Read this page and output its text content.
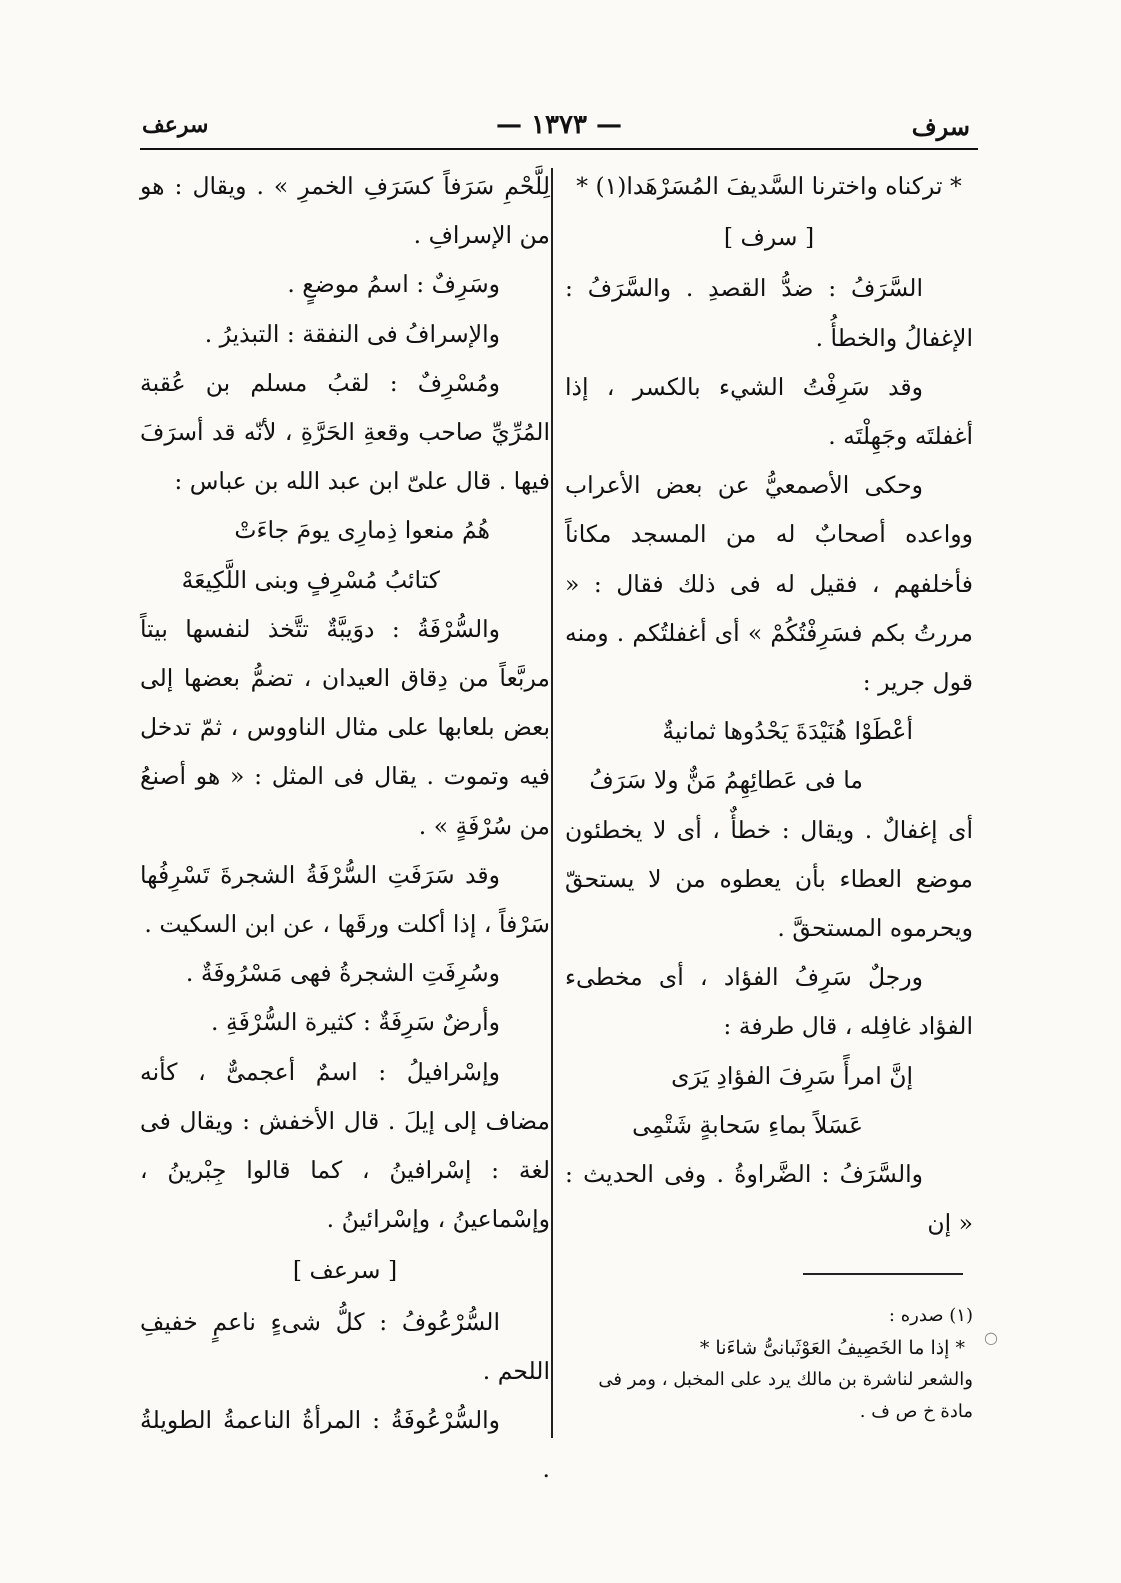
سرف
— ١٣٧٣ —
سرعف

* تركناه واخترنا السَّديفَ المُسَرْهَدا(١) *

[ سرف ]

السَّرَفُ : ضدُّ القصدِ . والسَّرَفُ : الإغفالُ والخطأُ .

وقد سَرِفْتُ الشيء بالكسر ، إذا أغفلتَه وجَهِلْتَه .

وحكى الأصمعيُّ عن بعض الأعراب وواعده أصحابٌ له من المسجد مكاناً فأخلفهم ، فقيل له فى ذلك فقال : « مررتُ بكم فسَرِفْتُكُمْ » أى أغفلتُكم . ومنه قول جرير :

أعْطَوْا هُنَيْدَةَ يَحْدُوها ثمانيةٌ

ما فى عَطائِهِمُ مَنٌّ ولا سَرَفُ

أى إغفالٌ . ويقال : خطأٌ ، أى لا يخطئون موضع العطاء بأن يعطوه من لا يستحقّ ويحرموه المستحقَّ .

ورجلٌ سَرِفُ الفؤاد ، أى مخطىء الفؤاد غافِله ، قال طرفة :

إنَّ امرأً سَرِفَ الفؤادِ يَرَى

عَسَلاً بماءِ سَحابةٍ شَتْمِى

والسَّرَفُ : الضَّراوةُ . وفى الحديث : « إن

لِلَّحْمِ سَرَفاً كسَرَفِ الخمرِ » . ويقال : هو من الإسرافِ .

وسَرِفٌ : اسمُ موضعٍ .

والإسرافُ فى النفقة : التبذيرُ .

ومُسْرِفٌ : لقبُ مسلم بن عُقبة المُرِّيِّ صاحب وقعةِ الحَرَّةِ ، لأنّه قد أسرَفَ فيها . قال علىّ ابن عبد الله بن عباس :

هُمُ منعوا ذِمارِى يومَ جاءَتْ

كتائبُ مُسْرِفٍ وبنى اللَّكِيعَهْ

والسُّرْفَةُ : دوَيبَّةٌ تتَّخذ لنفسها بيتاً مربَّعاً من دِقاق العيدان ، تضمُّ بعضها إلى بعض بلعابها على مثال الناووس ، ثمّ تدخل فيه وتموت . يقال فى المثل : « هو أصنعُ من سُرْفَةٍ » .

وقد سَرَفَتِ السُّرْفَةُ الشجرةَ تَسْرِفُها سَرْفاً ، إذا أكلت ورقَها ، عن ابن السكيت .

وسُرِفَتِ الشجرةُ فهى مَسْرُوفَةٌ .

وأرضٌ سَرِفَةٌ : كثيرة السُّرْفَةِ .

وإسْرافيلُ : اسمٌ أعجمىٌّ ، كأنه مضاف إلى إيلَ . قال الأخفش : ويقال فى لغة : إسْرافينُ ، كما قالوا جِبْرينُ ، وإسْماعينُ ، وإسْرائينُ .

[ سرعف ]

السُّرْعُوفُ : كلُّ شىءٍ ناعمٍ خفيفِ اللحم .

والسُّرْعُوفَةُ : المرأةُ الناعمةُ الطويلةُ .

(١) صدره :

* إذا ما الخَصِيفُ العَوْثَبانىُّ شاءَنا *

والشعر لناشرة بن مالك يرد على المخبل ، ومر فى مادة خ ص ف .

○
